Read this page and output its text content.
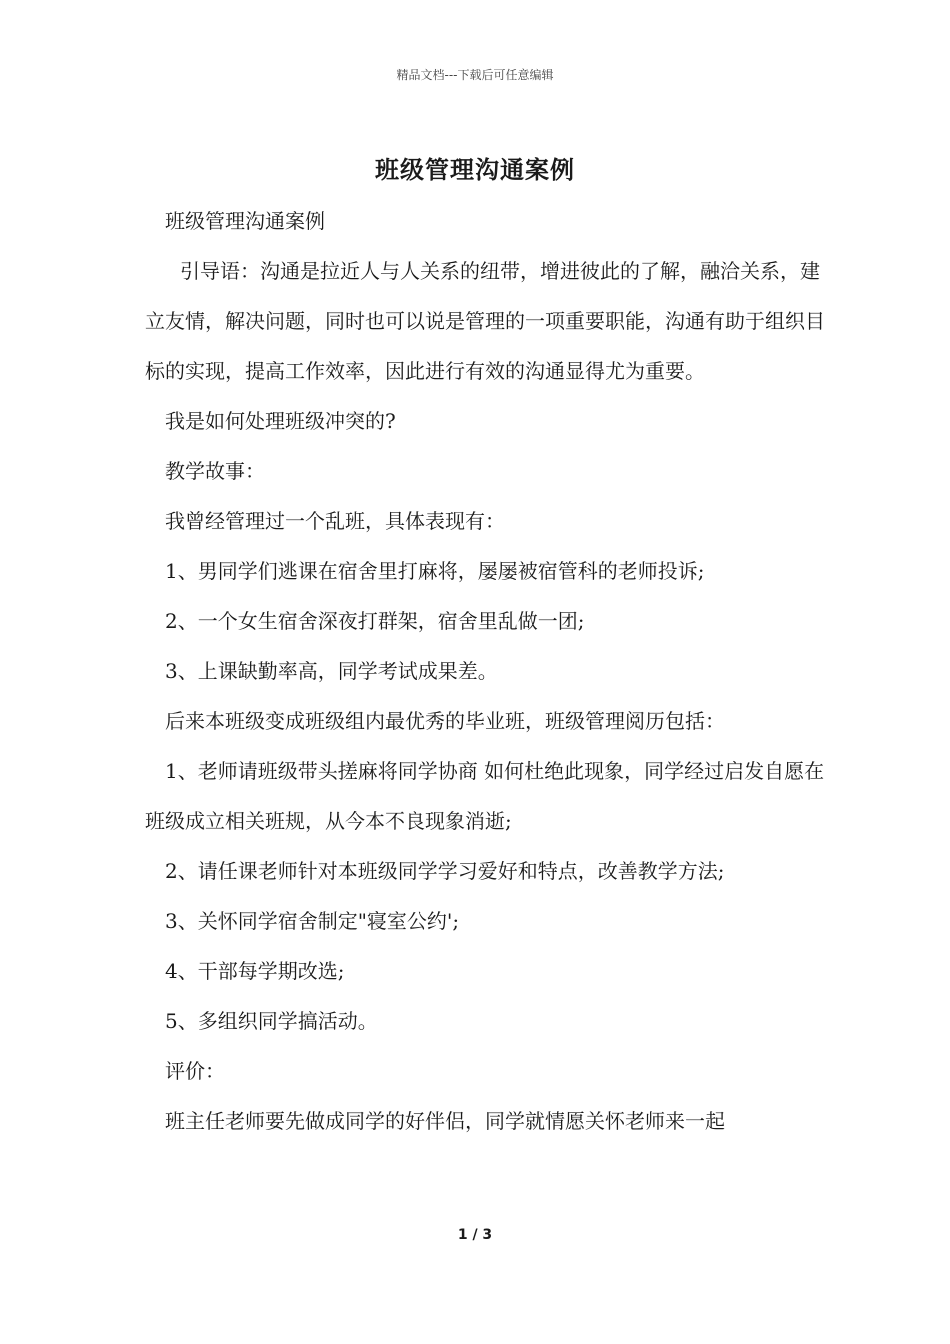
精品文档---下载后可任意编辑
班级管理沟通案例

班级管理沟通案例

引导语：沟通是拉近人与人关系的纽带，增进彼此的了解，融洽关系，建立友情，解决问题，同时也可以说是管理的一项重要职能，沟通有助于组织目标的实现，提高工作效率，因此进行有效的沟通显得尤为重要。

我是如何处理班级冲突的?

教学故事：

我曾经管理过一个乱班，具体表现有：

1、男同学们逃课在宿舍里打麻将，屡屡被宿管科的老师投诉;

2、一个女生宿舍深夜打群架，宿舍里乱做一团;

3、上课缺勤率高，同学考试成果差。

后来本班级变成班级组内最优秀的毕业班，班级管理阅历包括：

1、老师请班级带头搓麻将同学协商 如何杜绝此现象，同学经过启发自愿在班级成立相关班规，从今本不良现象消逝;

2、请任课老师针对本班级同学学习爱好和特点，改善教学方法;

3、关怀同学宿舍制定"寝室公约';

4、干部每学期改选;

5、多组织同学搞活动。

评价：

班主任老师要先做成同学的好伴侣，同学就情愿关怀老师来一起

1 / 3
